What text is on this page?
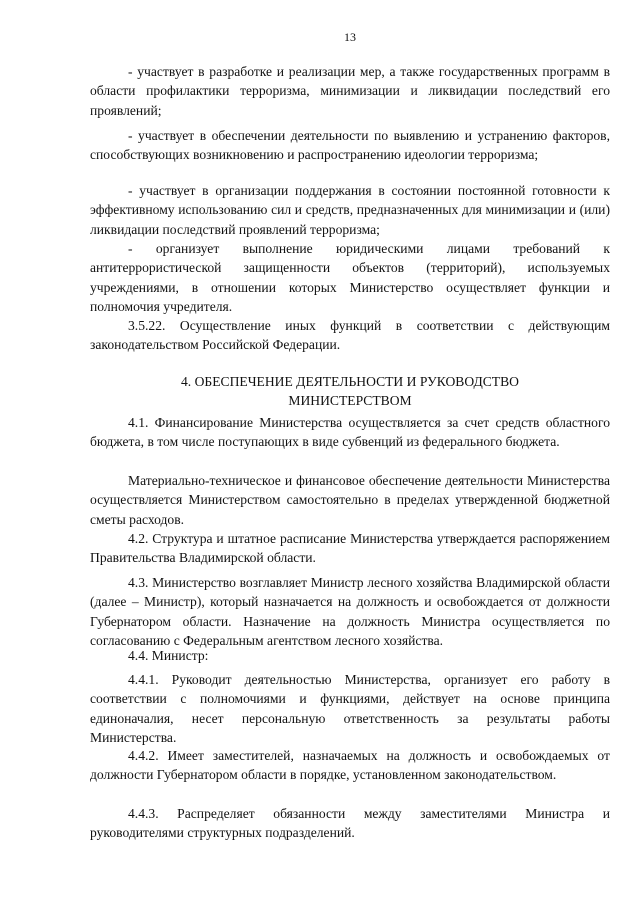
13

- участвует в разработке и реализации мер, а также государственных программ в области профилактики терроризма, минимизации и ликвидации последствий его проявлений;

- участвует в обеспечении деятельности по выявлению и устранению факторов, способствующих возникновению и распространению идеологии терроризма;

- участвует в организации поддержания в состоянии постоянной готовности к эффективному использованию сил и средств, предназначенных для минимизации и (или) ликвидации последствий проявлений терроризма;

- организует выполнение юридическими лицами требований к антитеррористической защищенности объектов (территорий), используемых учреждениями, в отношении которых Министерство осуществляет функции и полномочия учредителя.

3.5.22. Осуществление иных функций в соответствии с действующим законодательством Российской Федерации.

4. ОБЕСПЕЧЕНИЕ ДЕЯТЕЛЬНОСТИ И РУКОВОДСТВО
МИНИСТЕРСТВОМ

4.1. Финансирование Министерства осуществляется за счет средств областного бюджета, в том числе поступающих в виде субвенций из федерального бюджета.

Материально-техническое и финансовое обеспечение деятельности Министерства осуществляется Министерством самостоятельно в пределах утвержденной бюджетной сметы расходов.

4.2. Структура и штатное расписание Министерства утверждается распоряжением Правительства Владимирской области.

4.3. Министерство возглавляет Министр лесного хозяйства Владимирской области (далее – Министр), который назначается на должность и освобождается от должности Губернатором области. Назначение на должность Министра осуществляется по согласованию с Федеральным агентством лесного хозяйства.

4.4. Министр:

4.4.1. Руководит деятельностью Министерства, организует его работу в соответствии с полномочиями и функциями, действует на основе принципа единоначалия, несет персональную ответственность за результаты работы Министерства.

4.4.2. Имеет заместителей, назначаемых на должность и освобождаемых от должности Губернатором области в порядке, установленном законодательством.

4.4.3. Распределяет обязанности между заместителями Министра и руководителями структурных подразделений.
